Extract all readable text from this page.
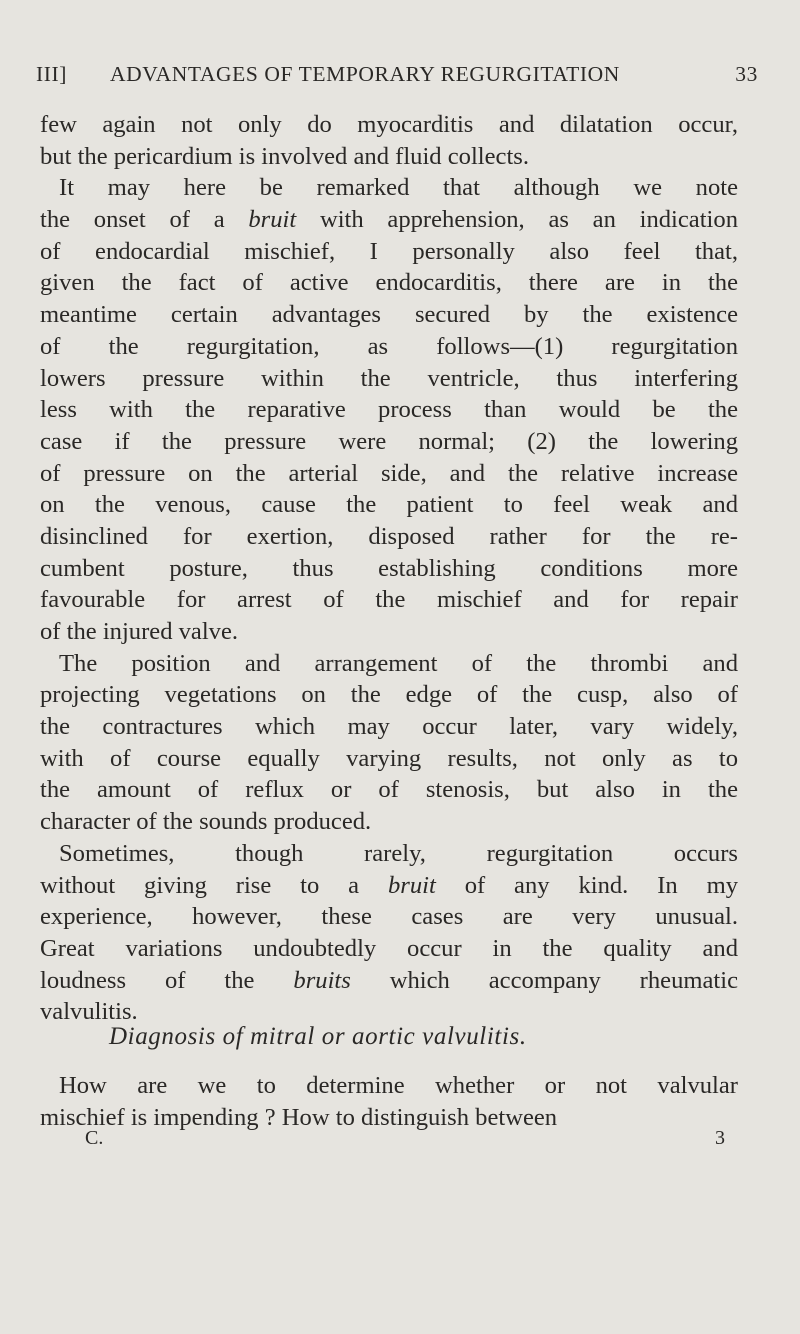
III] ADVANTAGES OF TEMPORARY REGURGITATION	33
few again not only do myocarditis and dilatation occur,
but the pericardium is involved and fluid collects.
It may here be remarked that although we note
the onset of a bruit with apprehension, as an indication
of endocardial mischief, I personally also feel that,
given the fact of active endocarditis, there are in the
meantime certain advantages secured by the existence
of the regurgitation, as follows—(1) regurgitation
lowers pressure within the ventricle, thus interfering
less with the reparative process than would be the
case if the pressure were normal; (2) the lowering
of pressure on the arterial side, and the relative increase
on the venous, cause the patient to feel weak and
disinclined for exertion, disposed rather for the re-
cumbent posture, thus establishing conditions more
favourable for arrest of the mischief and for repair
of the injured valve.
The position and arrangement of the thrombi and
projecting vegetations on the edge of the cusp, also of
the contractures which may occur later, vary widely,
with of course equally varying results, not only as to
the amount of reflux or of stenosis, but also in the
character of the sounds produced.
Sometimes, though rarely, regurgitation occurs
without giving rise to a bruit of any kind. In my
experience, however, these cases are very unusual.
Great variations undoubtedly occur in the quality and
loudness of the bruits which accompany rheumatic
valvulitis.
Diagnosis of mitral or aortic valvulitis.
How are we to determine whether or not valvular
mischief is impending ? How to distinguish between
C.	3
